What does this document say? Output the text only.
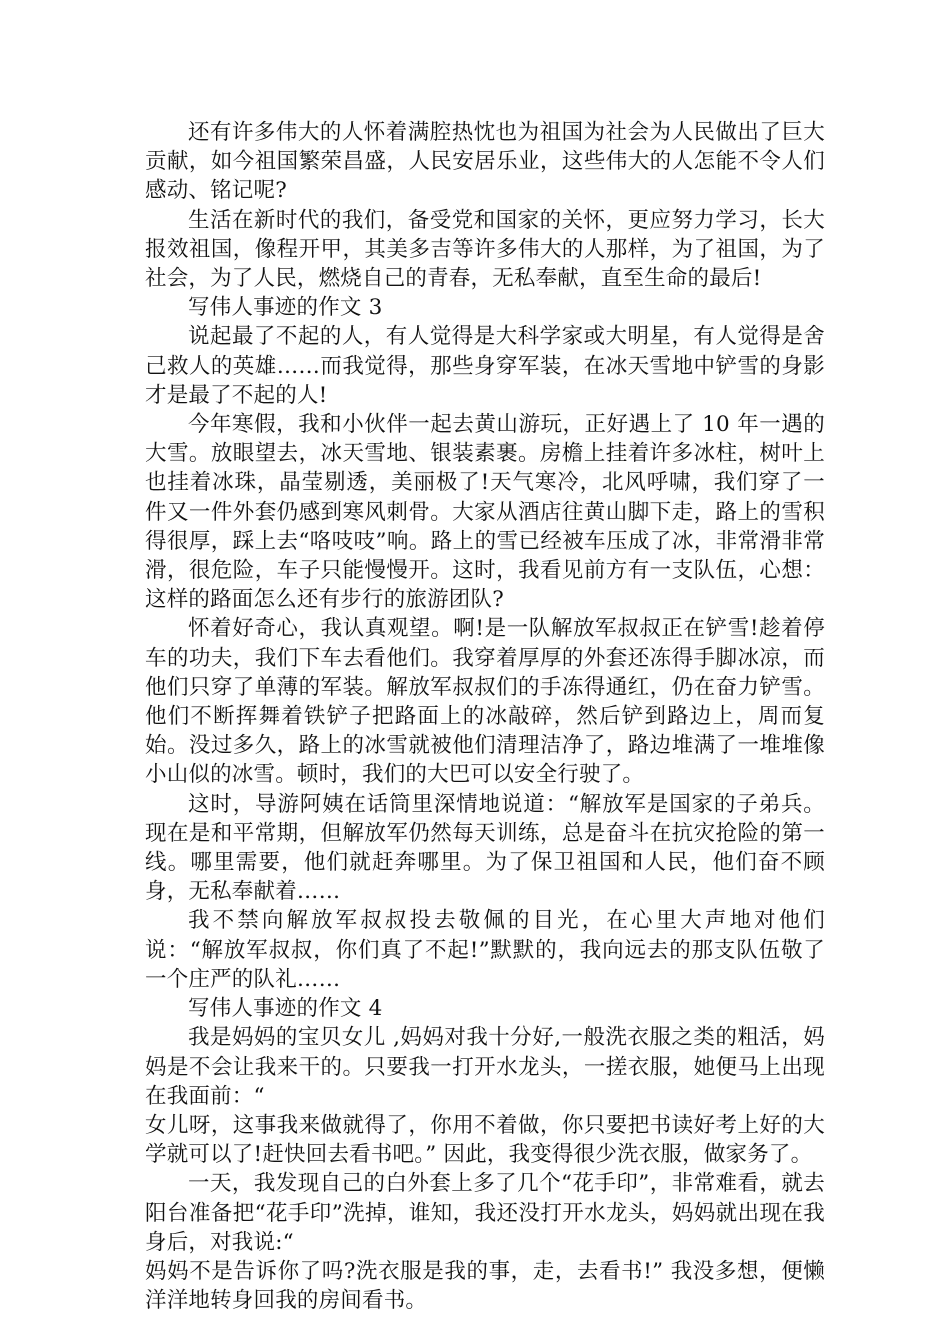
还有许多伟大的人怀着满腔热忱也为祖国为社会为人民做出了巨大贡献，如今祖国繁荣昌盛，人民安居乐业，这些伟大的人怎能不令人们感动、铭记呢?

生活在新时代的我们，备受党和国家的关怀，更应努力学习，长大报效祖国，像程开甲，其美多吉等许多伟大的人那样，为了祖国，为了社会，为了人民，燃烧自己的青春，无私奉献，直至生命的最后!

写伟人事迹的作文 3

说起最了不起的人，有人觉得是大科学家或大明星，有人觉得是舍己救人的英雄……而我觉得，那些身穿军装，在冰天雪地中铲雪的身影才是最了不起的人!

今年寒假，我和小伙伴一起去黄山游玩，正好遇上了 10 年一遇的大雪。放眼望去，冰天雪地、银装素裹。房檐上挂着许多冰柱，树叶上也挂着冰珠，晶莹剔透，美丽极了!天气寒冷，北风呼啸，我们穿了一件又一件外套仍感到寒风刺骨。大家从酒店往黄山脚下走，路上的雪积得很厚，踩上去“咯吱吱”响。路上的雪已经被车压成了冰，非常滑非常滑，很危险，车子只能慢慢开。这时，我看见前方有一支队伍，心想：这样的路面怎么还有步行的旅游团队?

怀着好奇心，我认真观望。啊!是一队解放军叔叔正在铲雪!趁着停车的功夫，我们下车去看他们。我穿着厚厚的外套还冻得手脚冰凉，而他们只穿了单薄的军装。解放军叔叔们的手冻得通红，仍在奋力铲雪。他们不断挥舞着铁铲子把路面上的冰敲碎，然后铲到路边上，周而复始。没过多久，路上的冰雪就被他们清理洁净了，路边堆满了一堆堆像小山似的冰雪。顿时，我们的大巴可以安全行驶了。

这时，导游阿姨在话筒里深情地说道：“解放军是国家的子弟兵。现在是和平常期，但解放军仍然每天训练，总是奋斗在抗灾抢险的第一线。哪里需要，他们就赶奔哪里。为了保卫祖国和人民，他们奋不顾身，无私奉献着……

我不禁向解放军叔叔投去敬佩的目光，在心里大声地对他们说：“解放军叔叔，你们真了不起!”默默的，我向远去的那支队伍敬了一个庄严的队礼……

写伟人事迹的作文 4

我是妈妈的宝贝女儿 ,妈妈对我十分好,一般洗衣服之类的粗活，妈妈是不会让我来干的。只要我一打开水龙头，一搓衣服，她便马上出现在我面前：“

女儿呀，这事我来做就得了，你用不着做，你只要把书读好考上好的大学就可以了!赶快回去看书吧。” 因此，我变得很少洗衣服，做家务了。

一天，我发现自己的白外套上多了几个“花手印”，非常难看，就去阳台准备把“花手印”洗掉，谁知，我还没打开水龙头，妈妈就出现在我身后，对我说:“

妈妈不是告诉你了吗?洗衣服是我的事，走，去看书!” 我没多想，便懒洋洋地转身回我的房间看书。
